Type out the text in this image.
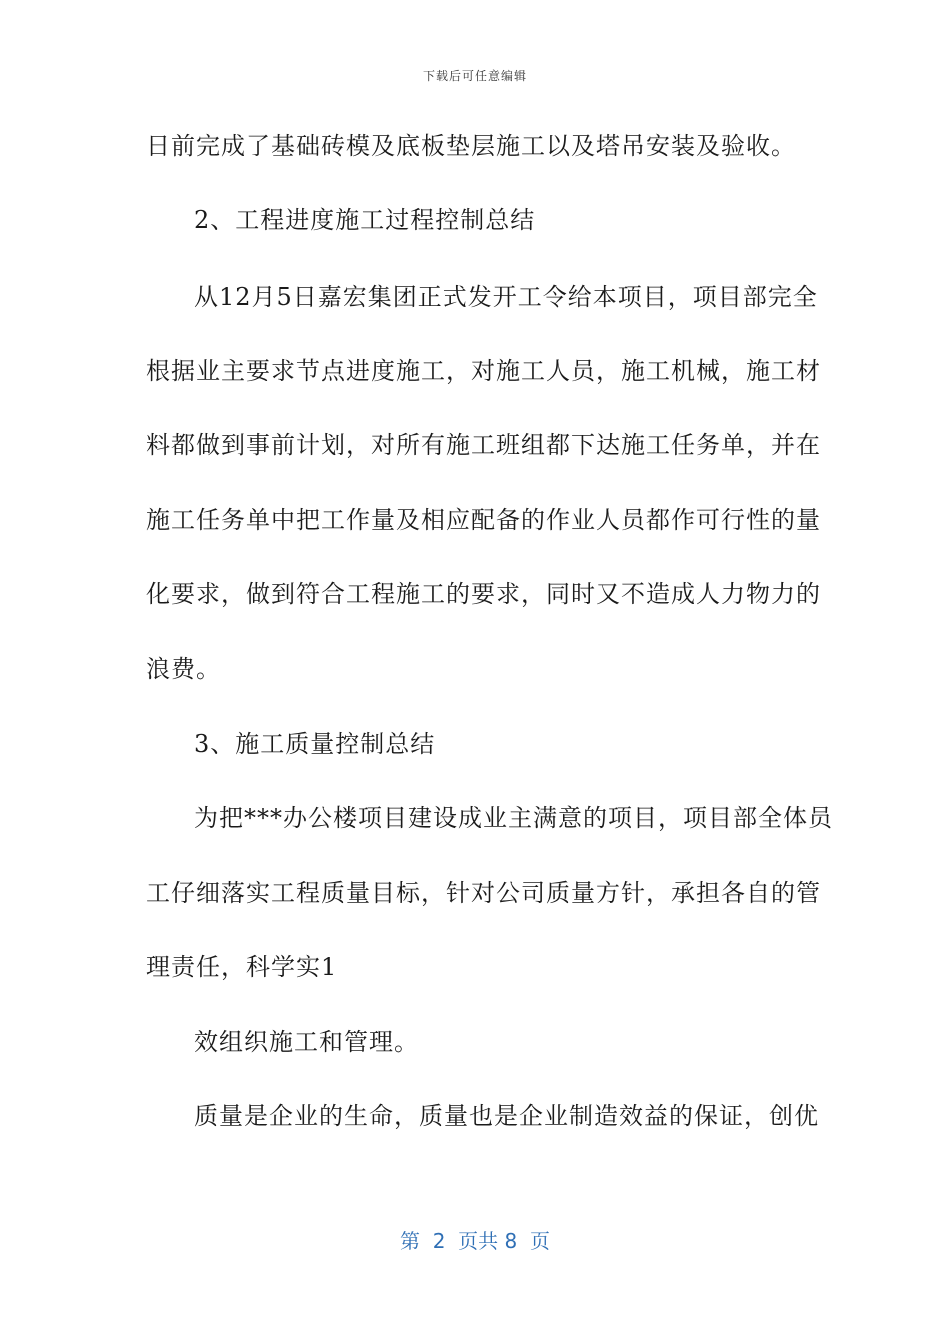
下载后可任意编辑
日前完成了基础砖模及底板垫层施工以及塔吊安装及验收。
2、工程进度施工过程控制总结
从12月5日嘉宏集团正式发开工令给本项目，项目部完全
根据业主要求节点进度施工，对施工人员，施工机械，施工材
料都做到事前计划，对所有施工班组都下达施工任务单，并在
施工任务单中把工作量及相应配备的作业人员都作可行性的量
化要求，做到符合工程施工的要求，同时又不造成人力物力的
浪费。
3、施工质量控制总结
为把***办公楼项目建设成业主满意的项目，项目部全体员
工仔细落实工程质量目标，针对公司质量方针，承担各自的管
理责任，科学实1
效组织施工和管理。
质量是企业的生命，质量也是企业制造效益的保证，创优
第  2  页共 8  页
